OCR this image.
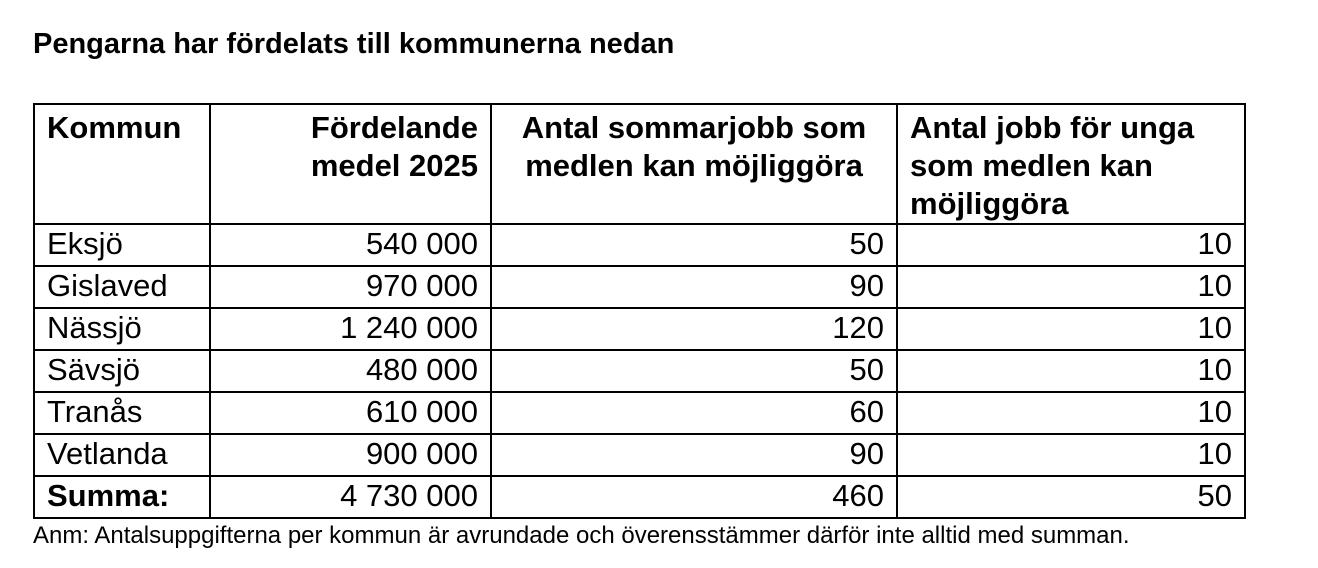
Pengarna har fördelats till kommunerna nedan
Kommun	Fördelande medel 2025	Antal sommarjobb som medlen kan möjliggöra	Antal jobb för unga som medlen kan möjliggöra
Eksjö	540 000	50	10
Gislaved	970 000	90	10
Nässjö	1 240 000	120	10
Sävsjö	480 000	50	10
Tranås	610 000	60	10
Vetlanda	900 000	90	10
Summa:	4 730 000	460	50

Anm: Antalsuppgifterna per kommun är avrundade och överensstämmer därför inte alltid med summan.
